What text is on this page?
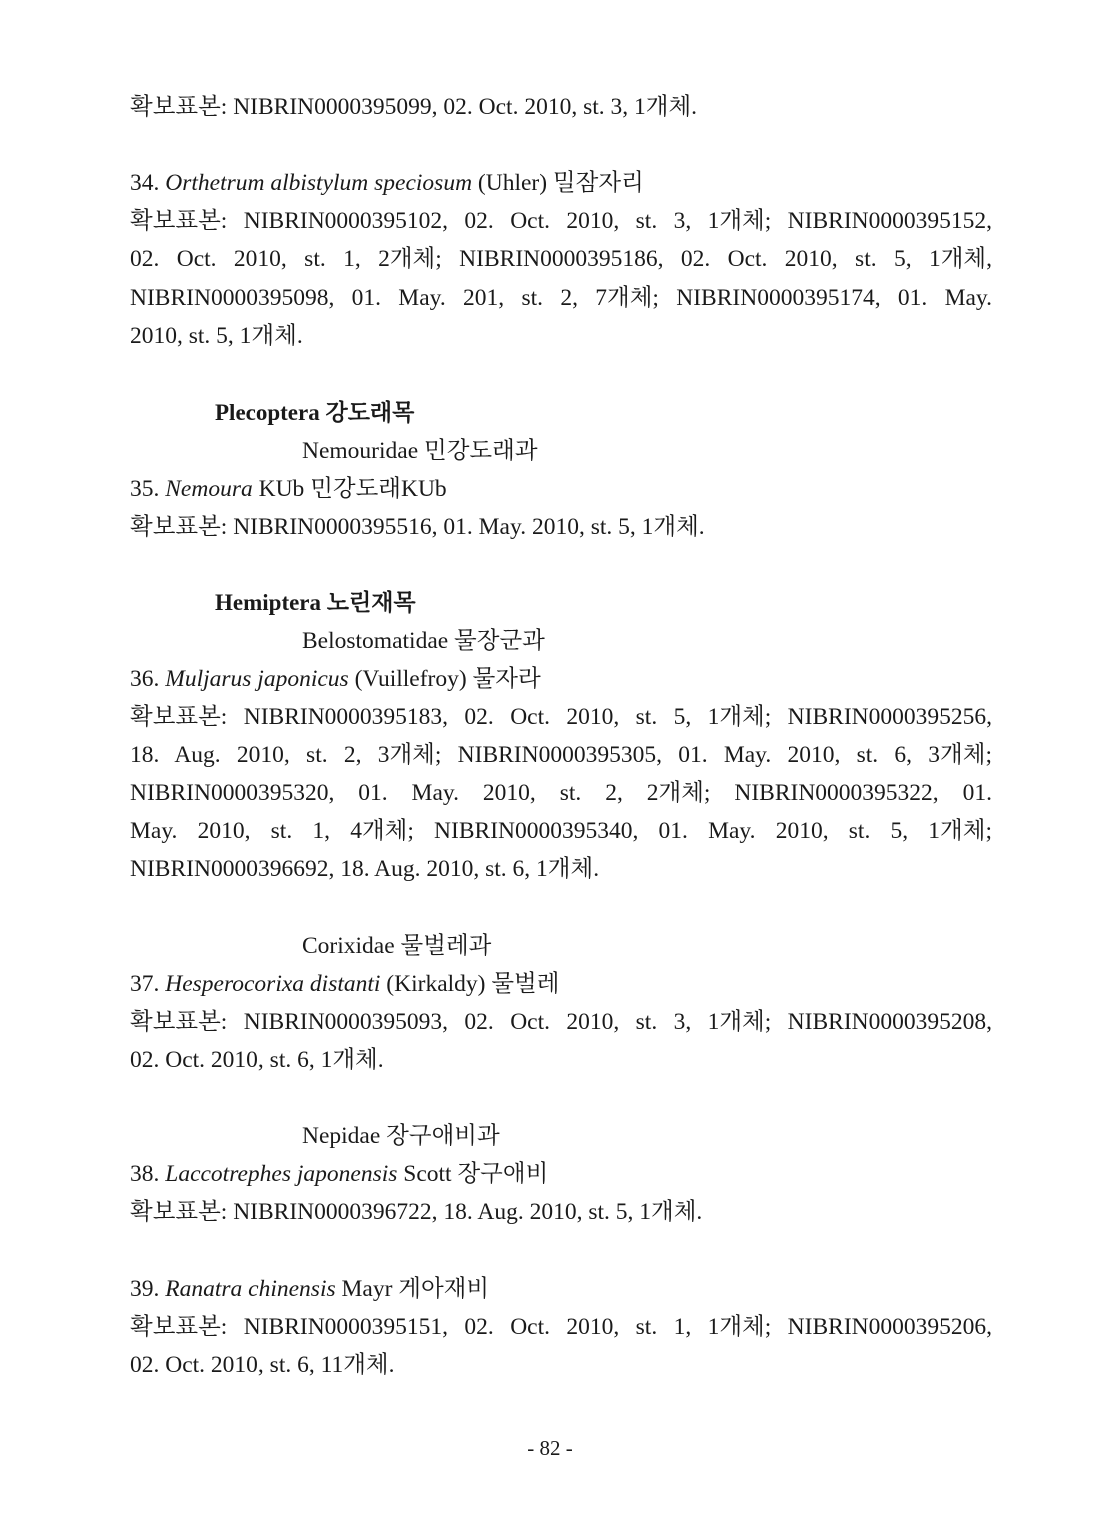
확보표본: NIBRIN0000395099, 02. Oct. 2010, st. 3, 1개체.
34. Orthetrum albistylum speciosum (Uhler) 밀잠자리
확보표본: NIBRIN0000395102, 02. Oct. 2010, st. 3, 1개체; NIBRIN0000395152,
02. Oct. 2010, st. 1, 2개체; NIBRIN0000395186, 02. Oct. 2010, st. 5, 1개체,
NIBRIN0000395098, 01. May. 201, st. 2, 7개체; NIBRIN0000395174, 01. May.
2010, st. 5, 1개체.
Plecoptera 강도래목
Nemouridae 민강도래과
35. Nemoura KUb 민강도래KUb
확보표본: NIBRIN0000395516, 01. May. 2010, st. 5, 1개체.
Hemiptera 노린재목
Belostomatidae 물장군과
36. Muljarus japonicus (Vuillefroy) 물자라
확보표본: NIBRIN0000395183, 02. Oct. 2010, st. 5, 1개체; NIBRIN0000395256,
18. Aug. 2010, st. 2, 3개체; NIBRIN0000395305, 01. May. 2010, st. 6, 3개체;
NIBRIN0000395320, 01. May. 2010, st. 2, 2개체; NIBRIN0000395322, 01.
May. 2010, st. 1, 4개체; NIBRIN0000395340, 01. May. 2010, st. 5, 1개체;
NIBRIN0000396692, 18. Aug. 2010, st. 6, 1개체.
Corixidae 물벌레과
37. Hesperocorixa distanti (Kirkaldy) 물벌레
확보표본: NIBRIN0000395093, 02. Oct. 2010, st. 3, 1개체; NIBRIN0000395208,
02. Oct. 2010, st. 6, 1개체.
Nepidae 장구애비과
38. Laccotrephes japonensis Scott 장구애비
확보표본: NIBRIN0000396722, 18. Aug. 2010, st. 5, 1개체.
39. Ranatra chinensis Mayr 게아재비
확보표본: NIBRIN0000395151, 02. Oct. 2010, st. 1, 1개체; NIBRIN0000395206,
02. Oct. 2010, st. 6, 11개체.
- 82 -
